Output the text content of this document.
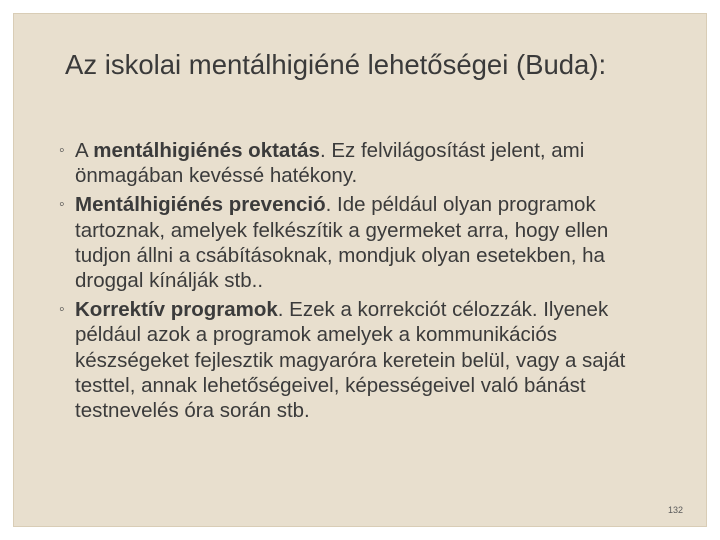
Az iskolai mentálhigiéné lehetőségei (Buda):
◦ A mentálhigiénés oktatás. Ez felvilágosítást jelent, ami önmagában kevéssé hatékony.
◦ Mentálhigiénés prevenció. Ide például olyan programok tartoznak, amelyek felkészítik a gyermeket arra, hogy ellen tudjon állni a csábításoknak, mondjuk olyan esetekben, ha droggal kínálják stb..
◦ Korrektív programok. Ezek a korrekciót célozzák. Ilyenek például azok a programok amelyek a kommunikációs készségeket fejlesztik magyaróra keretein belül, vagy a saját testtel, annak lehetőségeivel, képességeivel való bánást testnevelés óra során stb.
132
